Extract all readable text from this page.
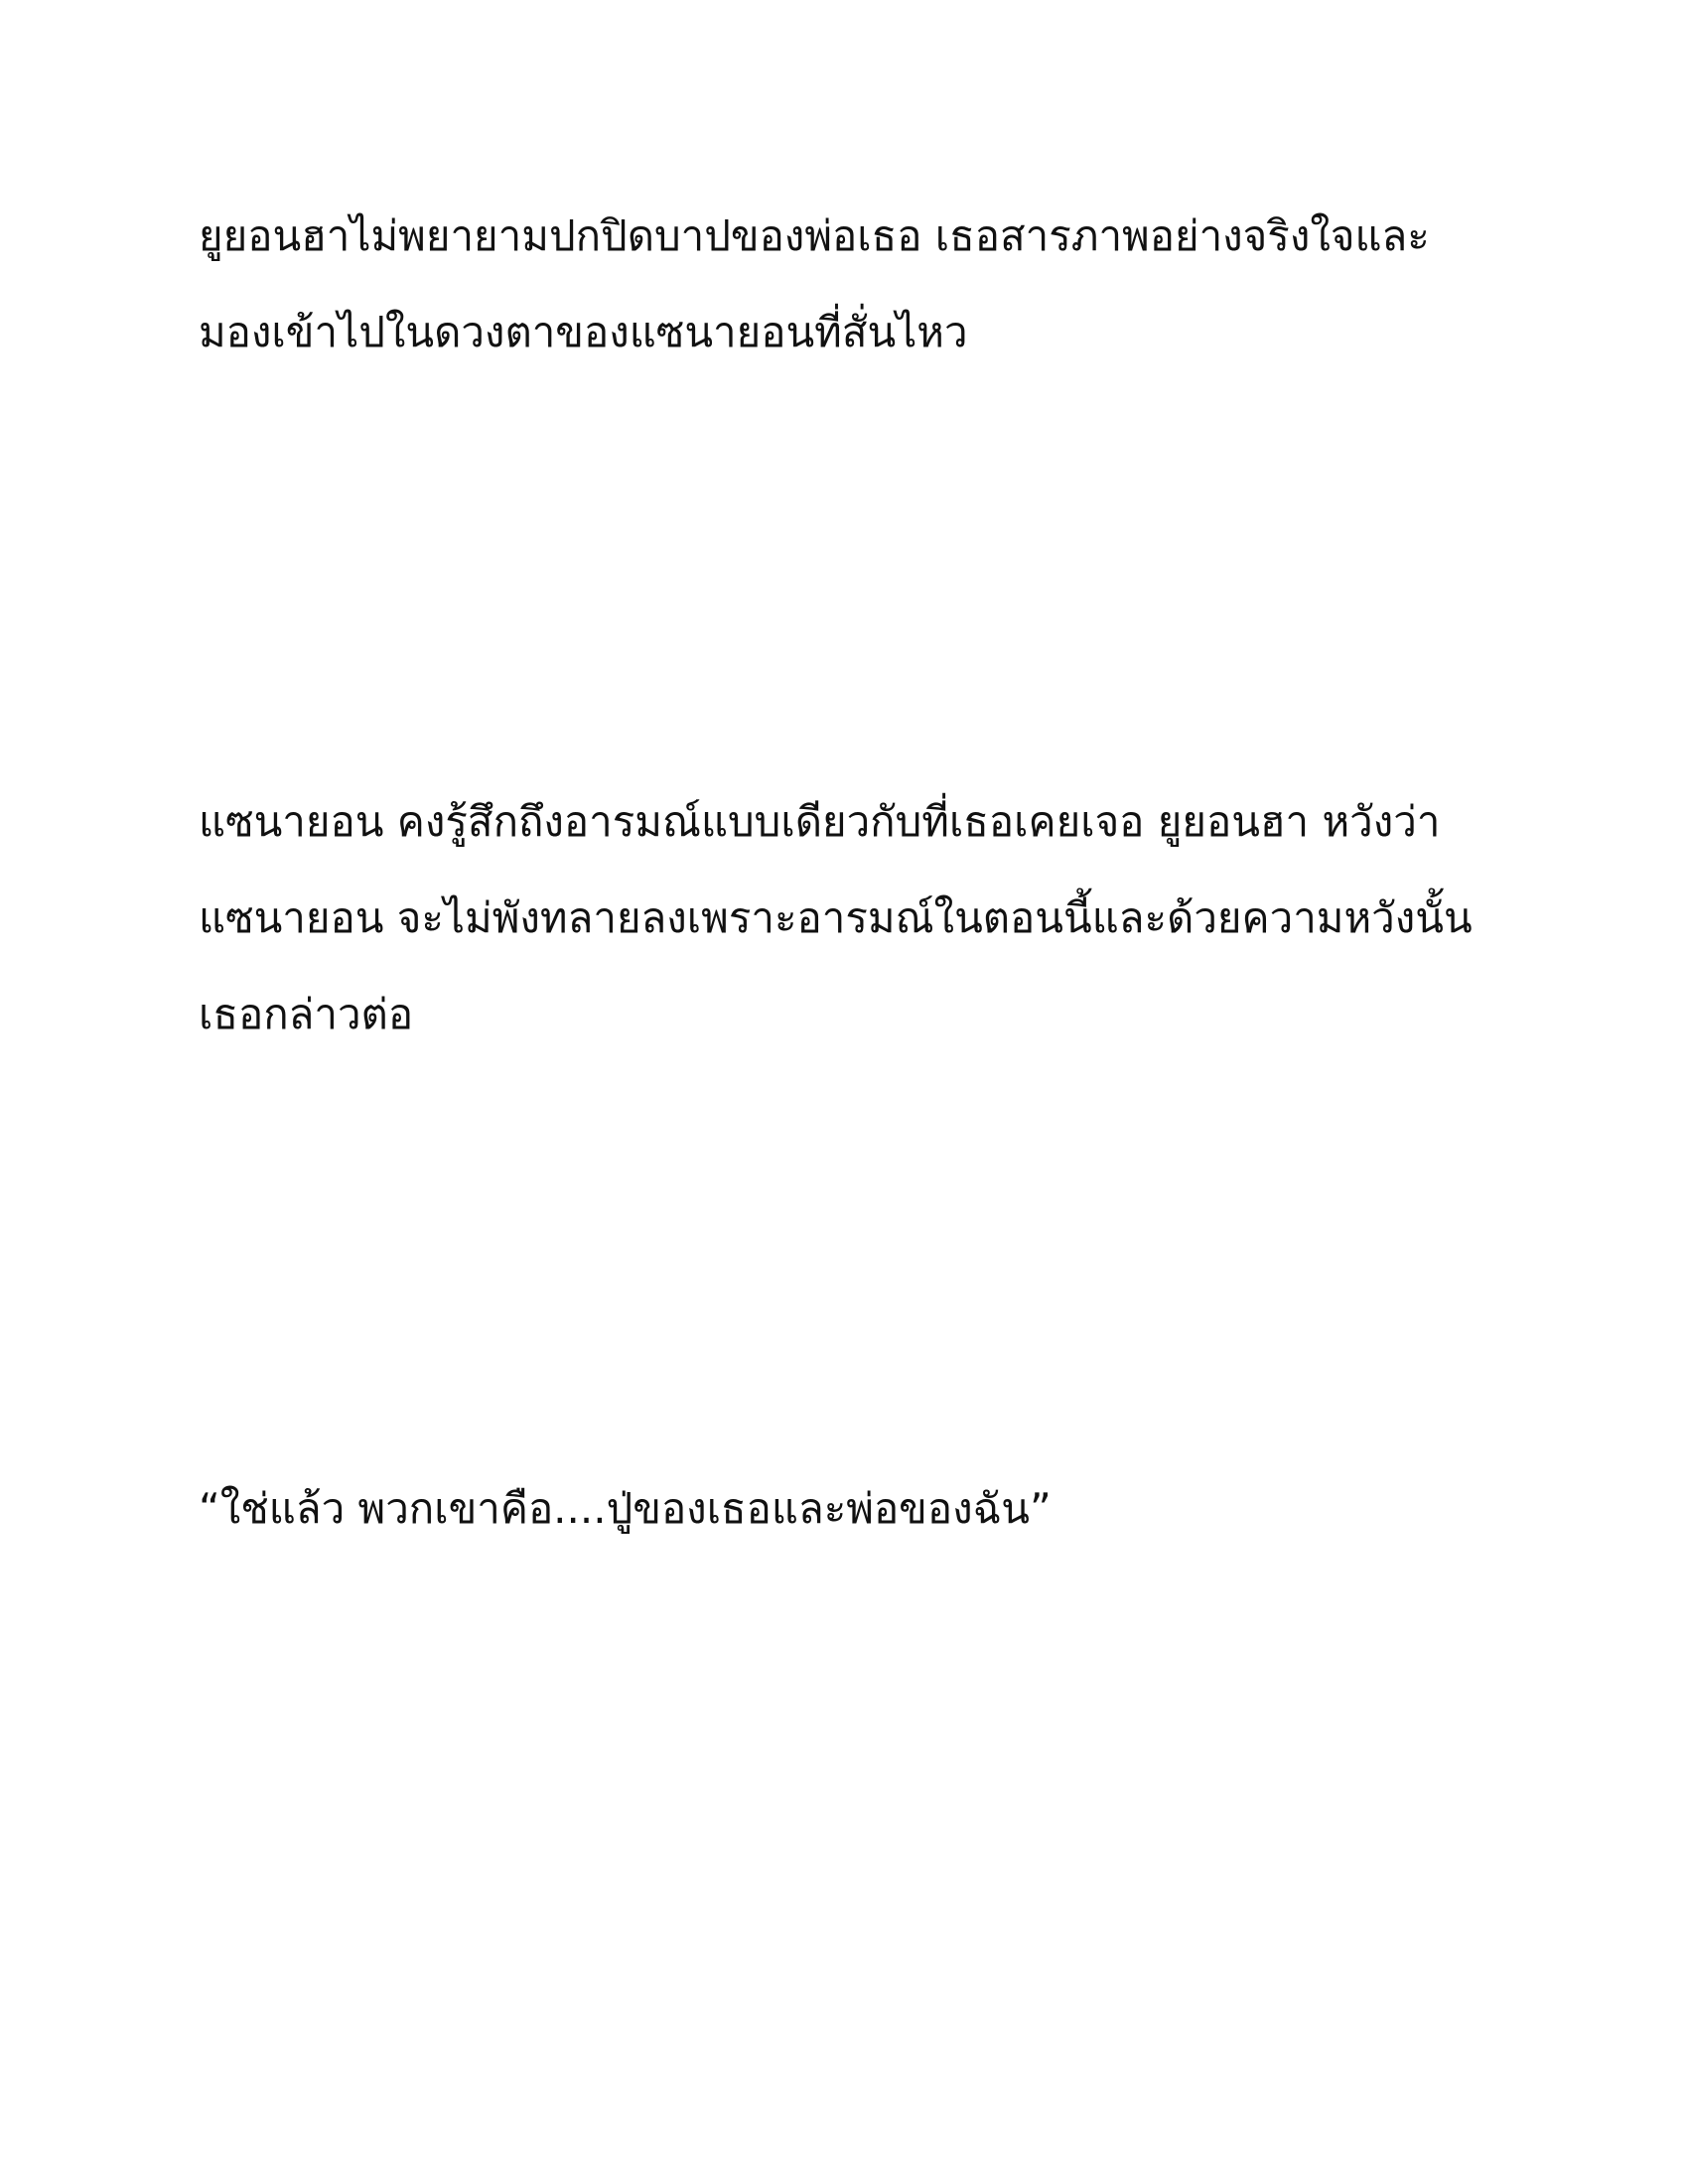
ยูยอนฮาไม่พยายามปกปิดบาปของพ่อเธอ เธอสารภาพอย่างจริงใจและ
มองเข้าไปในดวงตาของแซนายอนที่สั่นไหว
แซนายอน คงรู้สึกถึงอารมณ์แบบเดียวกับที่เธอเคยเจอ ยูยอนฮา หวังว่า
แซนายอน จะไม่พังทลายลงเพราะอารมณ์ในตอนนี้และด้วยความหวังนั้น
เธอกล่าวต่อ
“ใช่แล้ว พวกเขาคือ....ปู่ของเธอและพ่อของฉัน”
